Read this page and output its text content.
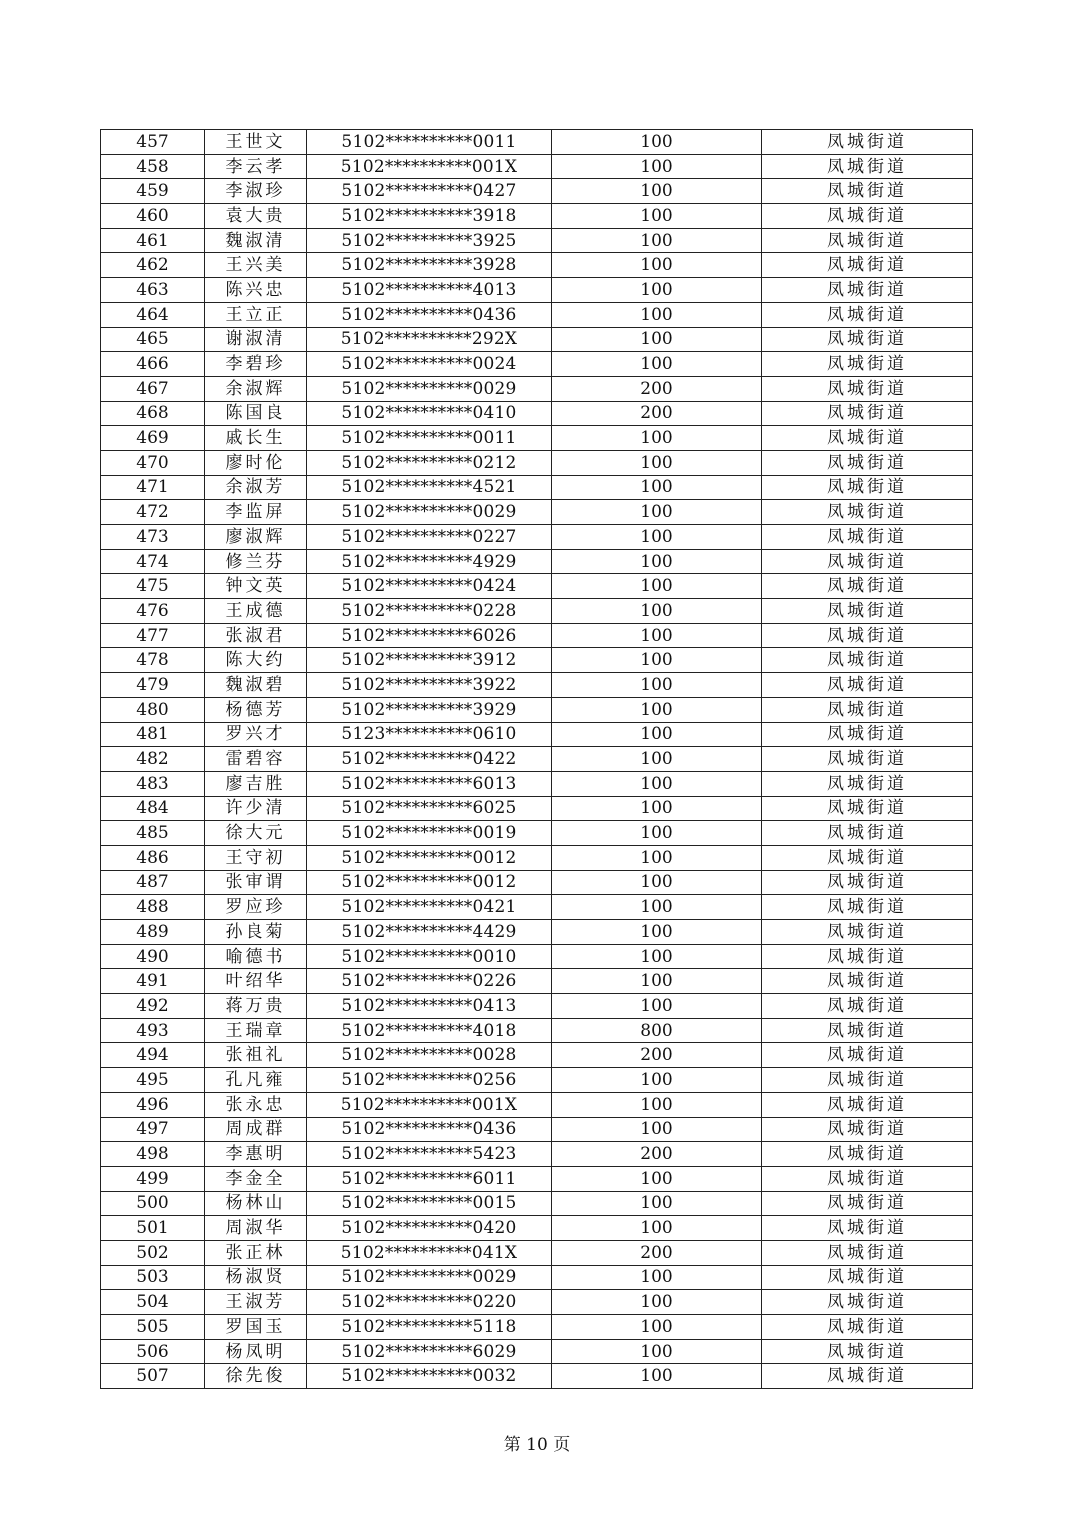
457	王世文	5102**********0011	100	凤城街道
458	李云孝	5102**********001X	100	凤城街道
459	李淑珍	5102**********0427	100	凤城街道
460	袁大贵	5102**********3918	100	凤城街道
461	魏淑清	5102**********3925	100	凤城街道
462	王兴美	5102**********3928	100	凤城街道
463	陈兴忠	5102**********4013	100	凤城街道
464	王立正	5102**********0436	100	凤城街道
465	谢淑清	5102**********292X	100	凤城街道
466	李碧珍	5102**********0024	100	凤城街道
467	余淑辉	5102**********0029	200	凤城街道
468	陈国良	5102**********0410	200	凤城街道
469	戚长生	5102**********0011	100	凤城街道
470	廖时伦	5102**********0212	100	凤城街道
471	余淑芳	5102**********4521	100	凤城街道
472	李监屏	5102**********0029	100	凤城街道
473	廖淑辉	5102**********0227	100	凤城街道
474	修兰芬	5102**********4929	100	凤城街道
475	钟文英	5102**********0424	100	凤城街道
476	王成德	5102**********0228	100	凤城街道
477	张淑君	5102**********6026	100	凤城街道
478	陈大约	5102**********3912	100	凤城街道
479	魏淑碧	5102**********3922	100	凤城街道
480	杨德芳	5102**********3929	100	凤城街道
481	罗兴才	5123**********0610	100	凤城街道
482	雷碧容	5102**********0422	100	凤城街道
483	廖吉胜	5102**********6013	100	凤城街道
484	许少清	5102**********6025	100	凤城街道
485	徐大元	5102**********0019	100	凤城街道
486	王守初	5102**********0012	100	凤城街道
487	张审谓	5102**********0012	100	凤城街道
488	罗应珍	5102**********0421	100	凤城街道
489	孙良菊	5102**********4429	100	凤城街道
490	喻德书	5102**********0010	100	凤城街道
491	叶绍华	5102**********0226	100	凤城街道
492	蒋万贵	5102**********0413	100	凤城街道
493	王瑞章	5102**********4018	800	凤城街道
494	张祖礼	5102**********0028	200	凤城街道
495	孔凡雍	5102**********0256	100	凤城街道
496	张永忠	5102**********001X	100	凤城街道
497	周成群	5102**********0436	100	凤城街道
498	李惠明	5102**********5423	200	凤城街道
499	李金全	5102**********6011	100	凤城街道
500	杨林山	5102**********0015	100	凤城街道
501	周淑华	5102**********0420	100	凤城街道
502	张正林	5102**********041X	200	凤城街道
503	杨淑贤	5102**********0029	100	凤城街道
504	王淑芳	5102**********0220	100	凤城街道
505	罗国玉	5102**********5118	100	凤城街道
506	杨凤明	5102**********6029	100	凤城街道
507	徐先俊	5102**********0032	100	凤城街道
第 10 页
